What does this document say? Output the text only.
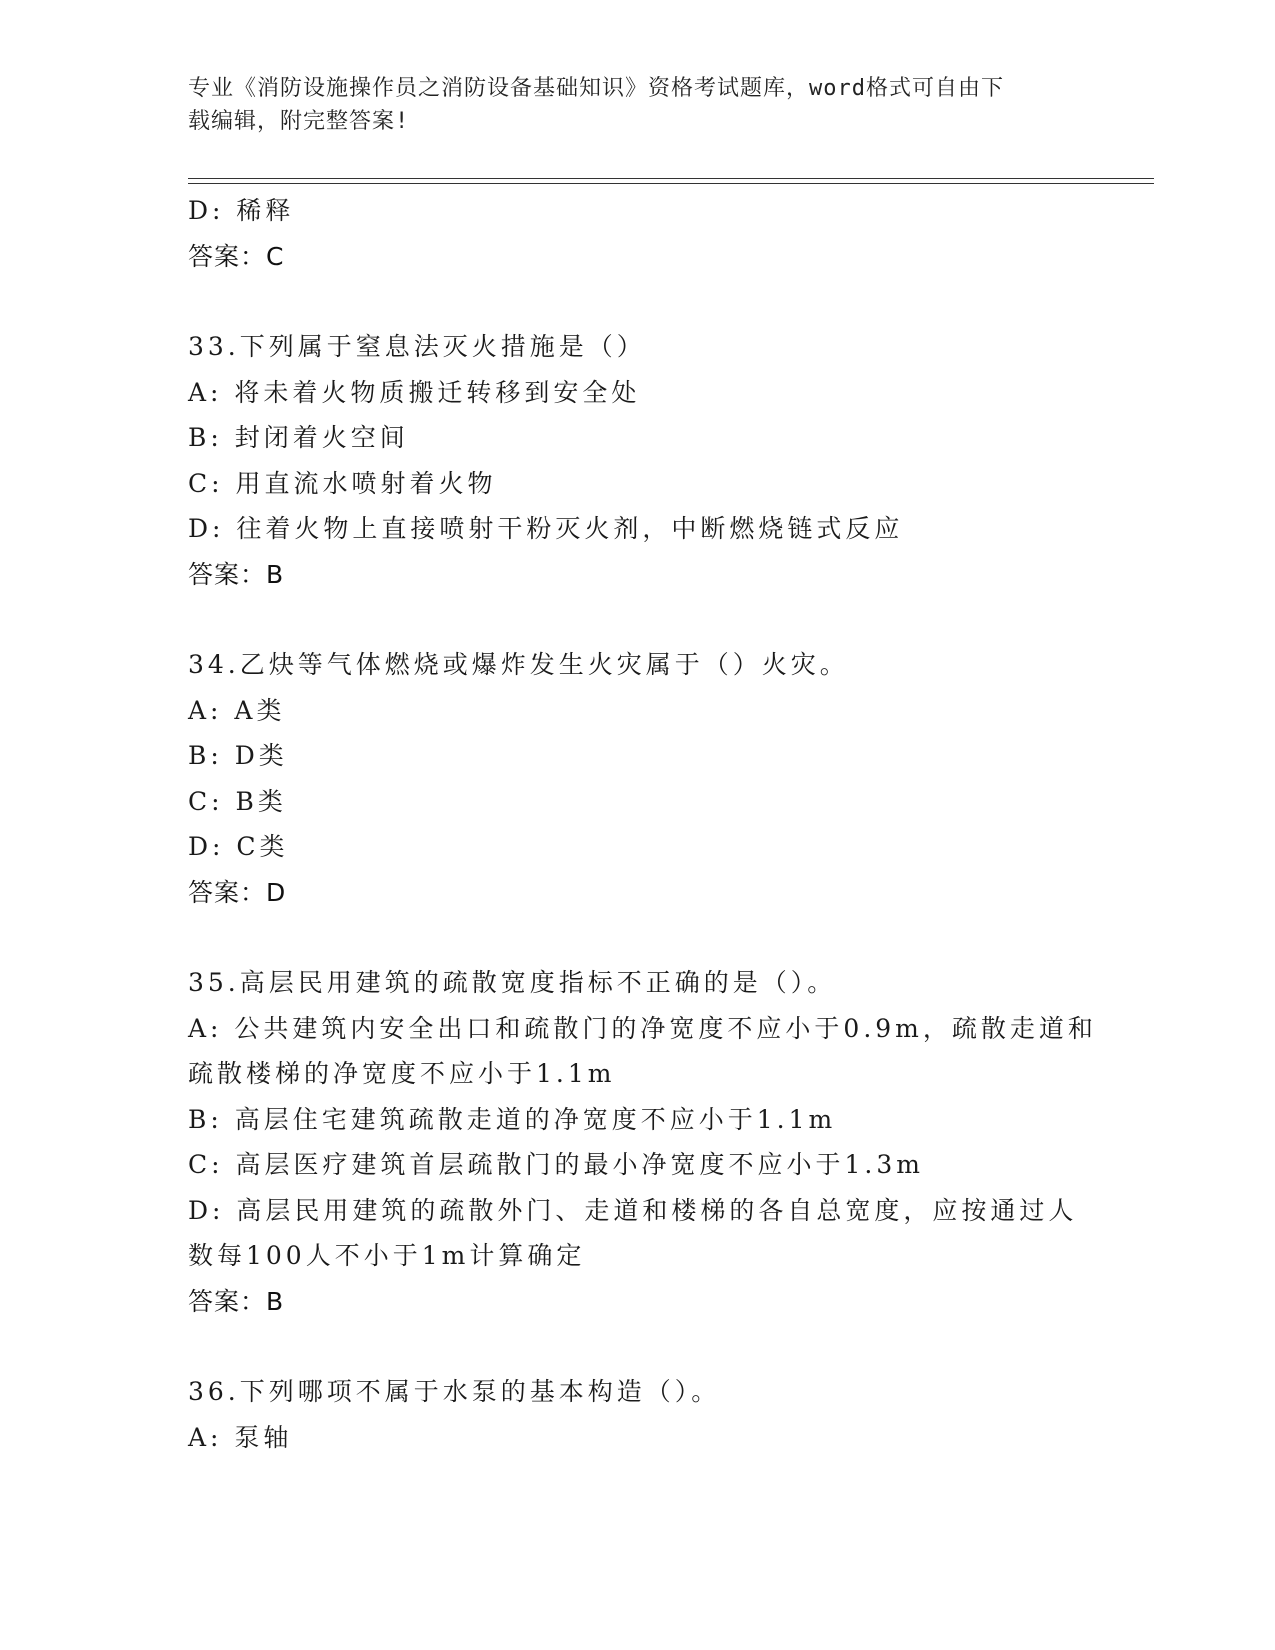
专业《消防设施操作员之消防设备基础知识》资格考试题库，word格式可自由下
载编辑，附完整答案!
D: 稀释
答案：C
33.下列属于窒息法灭火措施是（）
A: 将未着火物质搬迁转移到安全处
B: 封闭着火空间
C: 用直流水喷射着火物
D: 往着火物上直接喷射干粉灭火剂，中断燃烧链式反应
答案：B
34.乙炔等气体燃烧或爆炸发生火灾属于（）火灾。
A: A类
B: D类
C: B类
D: C类
答案：D
35.高层民用建筑的疏散宽度指标不正确的是（）。
A: 公共建筑内安全出口和疏散门的净宽度不应小于0.9m，疏散走道和
疏散楼梯的净宽度不应小于1.1m
B: 高层住宅建筑疏散走道的净宽度不应小于1.1m
C: 高层医疗建筑首层疏散门的最小净宽度不应小于1.3m
D: 高层民用建筑的疏散外门、走道和楼梯的各自总宽度，应按通过人
数每100人不小于1m计算确定
答案：B
36.下列哪项不属于水泵的基本构造（）。
A: 泵轴
